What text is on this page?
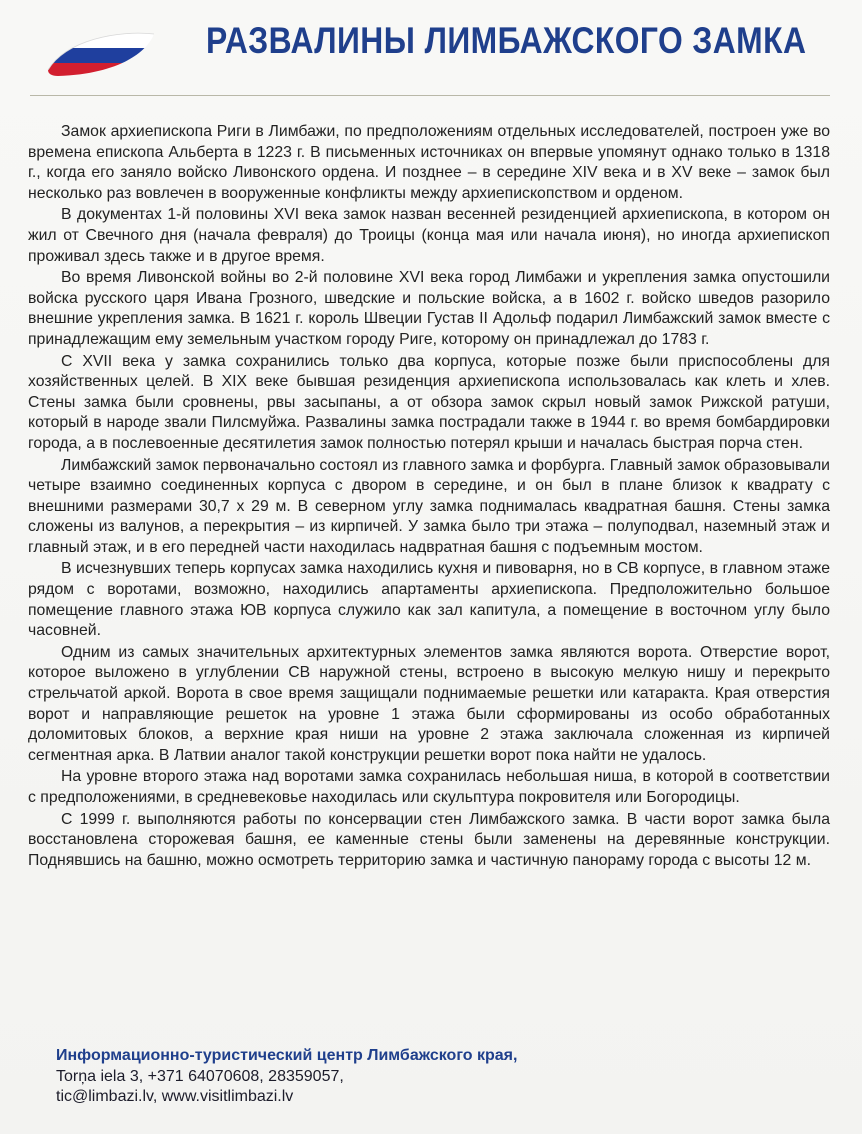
РАЗВАЛИНЫ ЛИМБАЖСКОГО ЗАМКА

Замок архиепископа Риги в Лимбажи, по предположениям отдельных исследователей, построен уже во времена епископа Альберта в 1223 г. В письменных источниках он впервые упомянут однако только в 1318 г., когда его заняло войско Ливонского ордена. И позднее – в середине XIV века и в XV веке – замок был несколько раз вовлечен в вооруженные конфликты между архиепископством и орденом.

В документах 1-й половины XVI века замок назван весенней резиденцией архиепископа, в котором он жил от Свечного дня (начала февраля) до Троицы (конца мая или начала июня), но иногда архиепископ проживал здесь также и в другое время.

Во время Ливонской войны во 2-й половине XVI века город Лимбажи и укрепления замка опустошили войска русского царя Ивана Грозного, шведские и польские войска, а в 1602 г. войско шведов разорило внешние укрепления замка. В 1621 г. король Швеции Густав II Адольф подарил Лимбажский замок вместе с принадлежащим ему земельным участком городу Риге, которому он принадлежал до 1783 г.

С XVII века у замка сохранились только два корпуса, которые позже были приспособлены для хозяйственных целей. В XIX веке бывшая резиденция архиепископа использовалась как клеть и хлев. Стены замка были сровнены, рвы засыпаны, а от обзора замок скрыл новый замок Рижской ратуши, который в народе звали Пилсмуйжа. Развалины замка пострадали также в 1944 г. во время бомбардировки города, а в послевоенные десятилетия замок полностью потерял крыши и началась быстрая порча стен.

Лимбажский замок первоначально состоял из главного замка и форбурга. Главный замок образовывали четыре взаимно соединенных корпуса с двором в середине, и он был в плане близок к квадрату с внешними размерами 30,7 x 29 м. В северном углу замка поднималась квадратная башня. Стены замка сложены из валунов, а перекрытия – из кирпичей. У замка было три этажа – полуподвал, наземный этаж и главный этаж, и в его передней части находилась надвратная башня с подъемным мостом.

В исчезнувших теперь корпусах замка находились кухня и пивоварня, но в СВ корпусе, в главном этаже рядом с воротами, возможно, находились апартаменты архиепископа. Предположительно большое помещение главного этажа ЮВ корпуса служило как зал капитула, а помещение в восточном углу было часовней.

Одним из самых значительных архитектурных элементов замка являются ворота. Отверстие ворот, которое выложено в углублении СВ наружной стены, встроено в высокую мелкую нишу и перекрыто стрельчатой аркой. Ворота в свое время защищали поднимаемые решетки или катаракта. Края отверстия ворот и направляющие решеток на уровне 1 этажа были сформированы из особо обработанных доломитовых блоков, а верхние края ниши на уровне 2 этажа заключала сложенная из кирпичей сегментная арка. В Латвии аналог такой конструкции решетки ворот пока найти не удалось.

На уровне второго этажа над воротами замка сохранилась небольшая ниша, в которой в соответствии с предположениями, в средневековье находилась или скульптура покровителя или Богородицы.

С 1999 г. выполняются работы по консервации стен Лимбажского замка. В части ворот замка была восстановлена сторожевая башня, ее каменные стены были заменены на деревянные конструкции. Поднявшись на башню, можно осмотреть территорию замка и частичную панораму города с высоты 12 м.

Информационно-туристический центр Лимбажского края,
Torņa iela 3, +371 64070608, 28359057,
tic@limbazi.lv, www.visitlimbazi.lv
